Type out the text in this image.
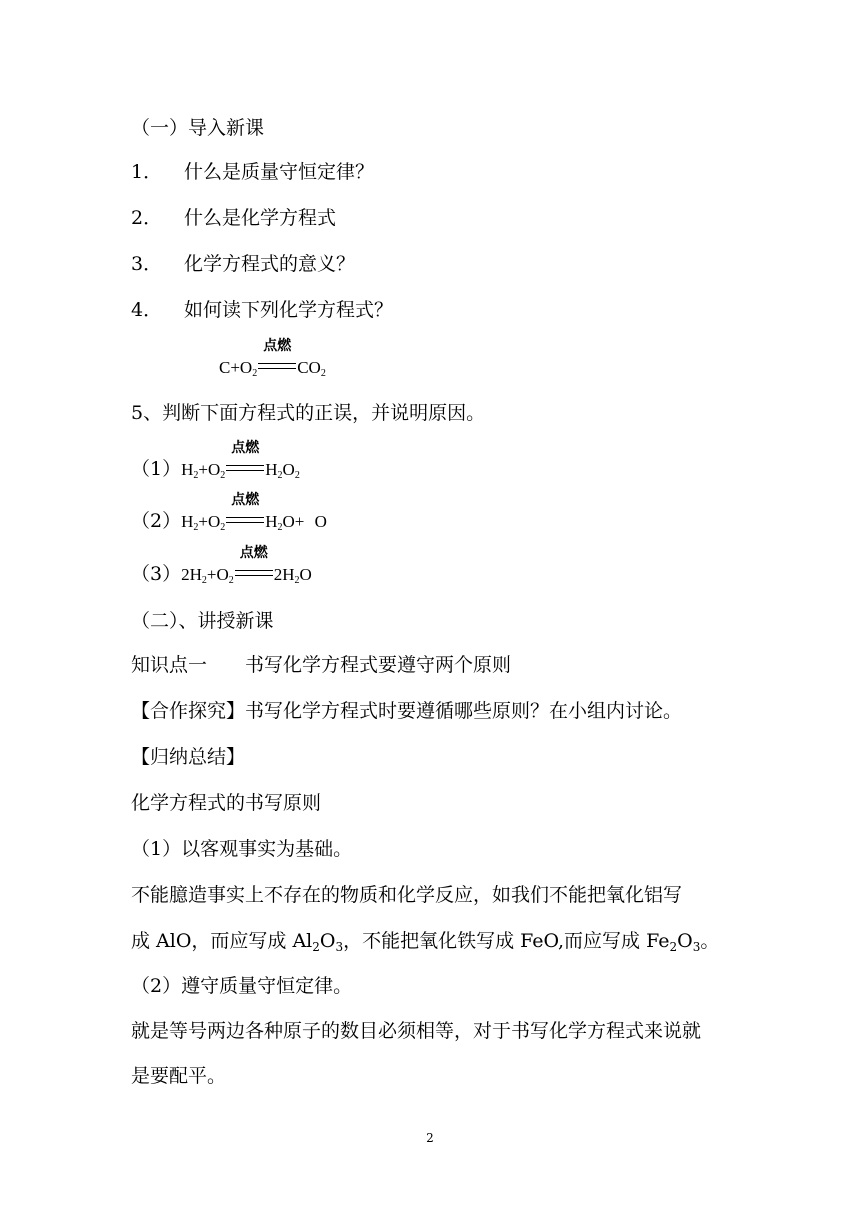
（一）导入新课
1． 什么是质量守恒定律？
2． 什么是化学方程式
3． 化学方程式的意义？
4． 如何读下列化学方程式？
$C+O_2$
点燃
$CO_2$
5、判断下面方程式的正误，并说明原因。
$(1)H_2+O_2$
点燃
$H_2O_2$
$(2)H_2+O_2$
点燃
$H_2O+ O$
$(3)2H_2+O_2$
点燃
$2H_2O$
（二）、讲授新课
知识点一　　书写化学方程式要遵守两个原则
【合作探究】书写化学方程式时要遵循哪些原则？在小组内讨论。
【归纳总结】
化学方程式的书写原则
（1）以客观事实为基础。
不能臆造事实上不存在的物质和化学反应，如我们不能把氧化铝写
成 AlO，而应写成 $Al_2O_3$，不能把氧化铁写成 FeO,而应写成 $Fe_2O_3$。
（2）遵守质量守恒定律。
就是等号两边各种原子的数目必须相等，对于书写化学方程式来说就
是要配平。
2
